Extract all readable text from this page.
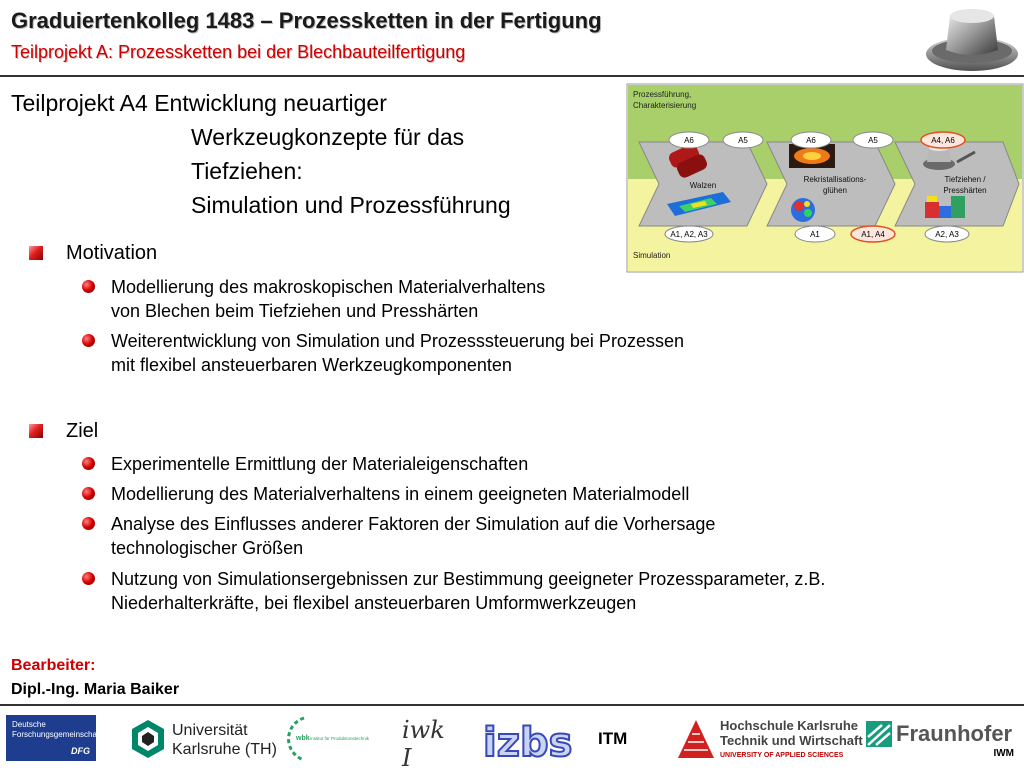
Graduiertenkolleg 1483 – Prozessketten in der Fertigung
Teilprojekt A: Prozessketten bei der Blechbauteilfertigung
Teilprojekt A4 Entwicklung neuartiger
Werkzeugkonzepte für das
Tiefziehen:
Simulation und Prozessführung
Prozessführung,
Charakterisierung
Simulation
Walzen
Rekristallisations-
glühen
Tiefziehen /
Presshärten
A6	A5	A6	A5	A4, A6
A1, A2, A3	A1	A1, A4	A2, A3
Motivation
Modellierung des makroskopischen Materialverhaltens
von Blechen beim Tiefziehen und Presshärten
Weiterentwicklung von Simulation und Prozesssteuerung bei Prozessen
mit flexibel ansteuerbaren Werkzeugkomponenten
Ziel
Experimentelle Ermittlung der Materialeigenschaften
Modellierung des Materialverhaltens in einem geeigneten Materialmodell
Analyse des Einflusses anderer Faktoren der Simulation auf die Vorhersage
technologischer Größen
Nutzung von Simulationsergebnissen zur Bestimmung geeigneter Prozessparameter, z.B.
Niederhalterkräfte, bei flexibel ansteuerbaren Umformwerkzeugen
Bearbeiter:
Dipl.-Ing. Maria Baiker
Deutsche
Forschungsgemeinschaft
DFG
Universität
Karlsruhe (TH)
wbk Institut für Produktionstechnik iwk I	izbs ITM
Hochschule Karlsruhe
Technik und Wirtschaft
UNIVERSITY OF APPLIED SCIENCES
Fraunhofer
IWM
